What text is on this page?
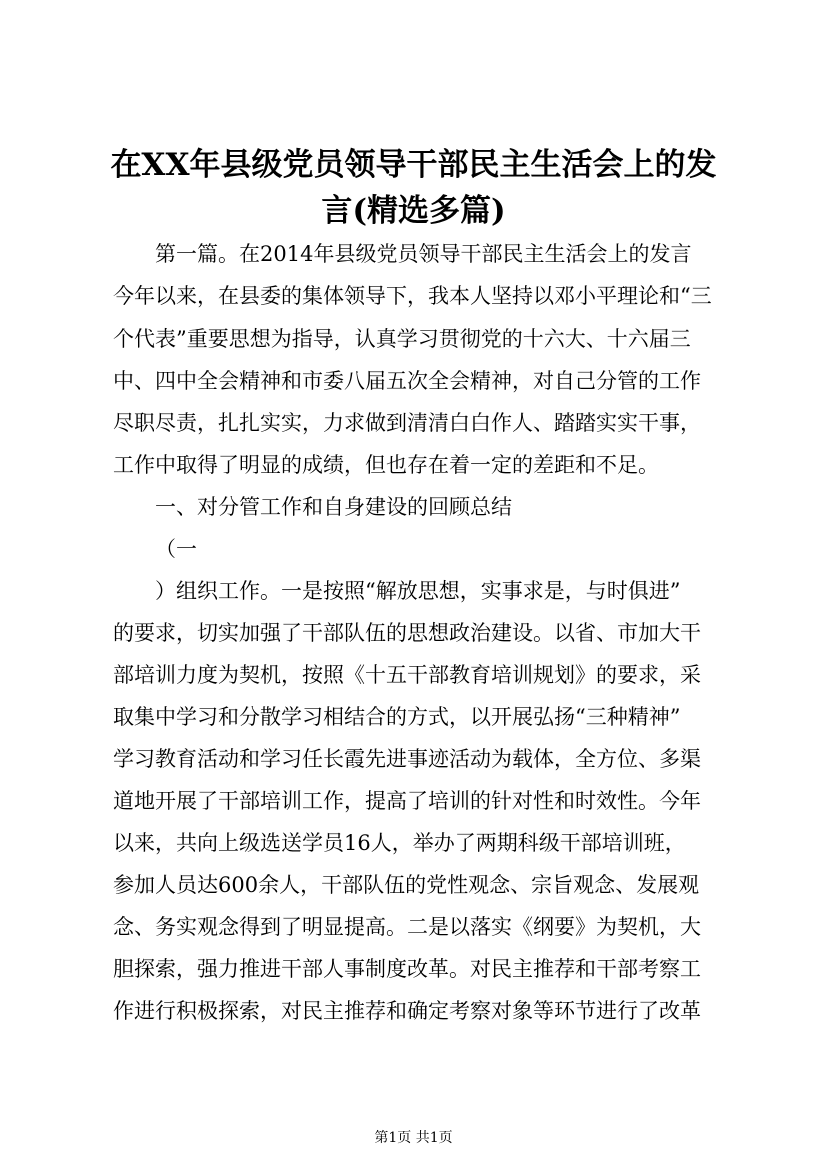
在XX年县级党员领导干部民主生活会上的发
言(精选多篇)
第一篇。在2014年县级党员领导干部民主生活会上的发言
今年以来，在县委的集体领导下，我本人坚持以邓小平理论和“三
个代表”重要思想为指导，认真学习贯彻党的十六大、十六届三
中、四中全会精神和市委八届五次全会精神，对自己分管的工作
尽职尽责，扎扎实实，力求做到清清白白作人、踏踏实实干事，
工作中取得了明显的成绩，但也存在着一定的差距和不足。
一、对分管工作和自身建设的回顾总结
（一
）组织工作。一是按照“解放思想，实事求是，与时俱进”
的要求，切实加强了干部队伍的思想政治建设。以省、市加大干
部培训力度为契机，按照《十五干部教育培训规划》的要求，采
取集中学习和分散学习相结合的方式，以开展弘扬“三种精神”
学习教育活动和学习任长霞先进事迹活动为载体，全方位、多渠
道地开展了干部培训工作，提高了培训的针对性和时效性。今年
以来，共向上级选送学员16人，举办了两期科级干部培训班，
参加人员达600余人，干部队伍的党性观念、宗旨观念、发展观
念、务实观念得到了明显提高。二是以落实《纲要》为契机，大
胆探索，强力推进干部人事制度改革。对民主推荐和干部考察工
作进行积极探索，对民主推荐和确定考察对象等环节进行了改革
第1页 共1页
